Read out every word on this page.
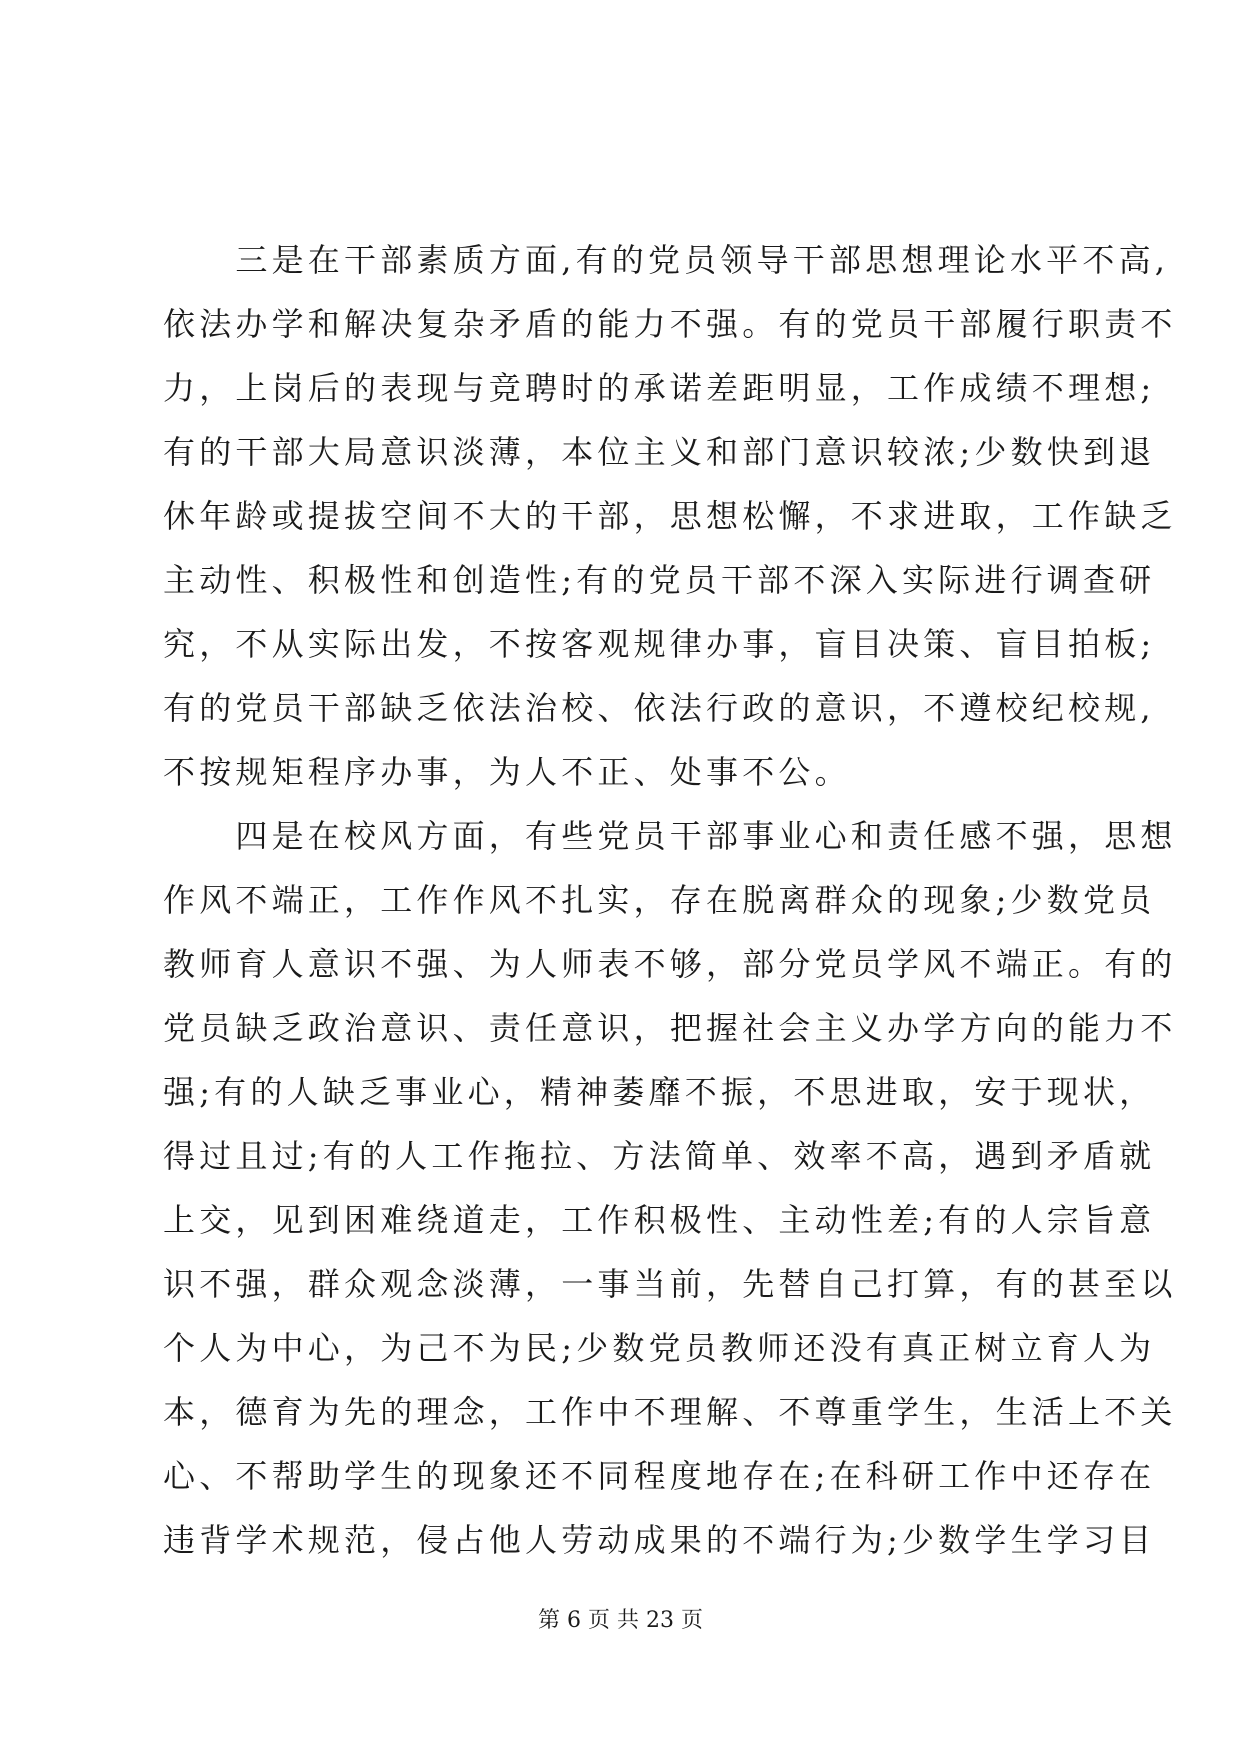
　　三是在干部素质方面,有的党员领导干部思想理论水平不高,
依法办学和解决复杂矛盾的能力不强。有的党员干部履行职责不
力，上岗后的表现与竞聘时的承诺差距明显，工作成绩不理想;
有的干部大局意识淡薄，本位主义和部门意识较浓;少数快到退
休年龄或提拔空间不大的干部，思想松懈，不求进取，工作缺乏
主动性、积极性和创造性;有的党员干部不深入实际进行调查研
究，不从实际出发，不按客观规律办事，盲目决策、盲目拍板;
有的党员干部缺乏依法治校、依法行政的意识，不遵校纪校规,
不按规矩程序办事，为人不正、处事不公。
　　四是在校风方面，有些党员干部事业心和责任感不强，思想
作风不端正，工作作风不扎实，存在脱离群众的现象;少数党员
教师育人意识不强、为人师表不够，部分党员学风不端正。有的
党员缺乏政治意识、责任意识，把握社会主义办学方向的能力不
强;有的人缺乏事业心，精神萎靡不振，不思进取，安于现状，
得过且过;有的人工作拖拉、方法简单、效率不高，遇到矛盾就
上交，见到困难绕道走，工作积极性、主动性差;有的人宗旨意
识不强，群众观念淡薄，一事当前，先替自己打算，有的甚至以
个人为中心，为己不为民;少数党员教师还没有真正树立育人为
本，德育为先的理念，工作中不理解、不尊重学生，生活上不关
心、不帮助学生的现象还不同程度地存在;在科研工作中还存在
违背学术规范，侵占他人劳动成果的不端行为;少数学生学习目
第 6 页 共 23 页
